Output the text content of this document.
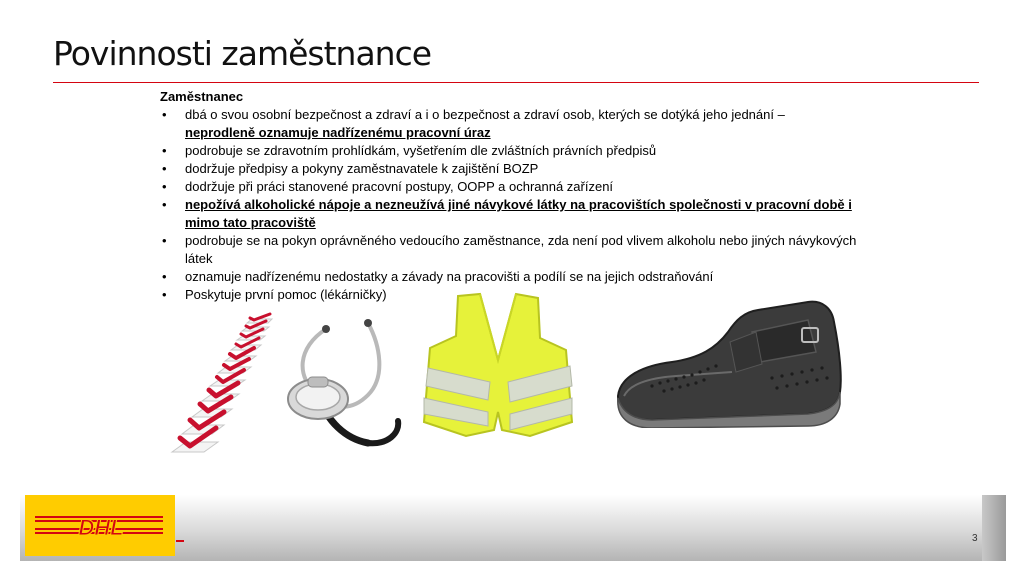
Povinnosti zaměstnance
Zaměstnanec
• dbá o svou osobní bezpečnost a zdraví a i o bezpečnost a zdraví osob, kterých se dotýká jeho jednání –
neprodleně oznamuje nadřízenému pracovní úraz
• podrobuje se zdravotním prohlídkám, vyšetřením dle zvláštních právních předpisů
• dodržuje předpisy a pokyny zaměstnavatele k zajištění BOZP
• dodržuje při práci stanovené pracovní postupy, OOPP a ochranná zařízení
• nepožívá alkoholické nápoje a nezneužívá jiné návykové látky na pracovištích společnosti v pracovní době i mimo tato pracoviště
• podrobuje se na pokyn oprávněného vedoucího zaměstnance, zda není pod vlivem alkoholu nebo jiných návykových látek
• oznamuje nadřízenému nedostatky a závady na pracovišti a podílí se na jejich odstraňování
• Poskytuje první pomoc (lékárničky)
DHL	3
